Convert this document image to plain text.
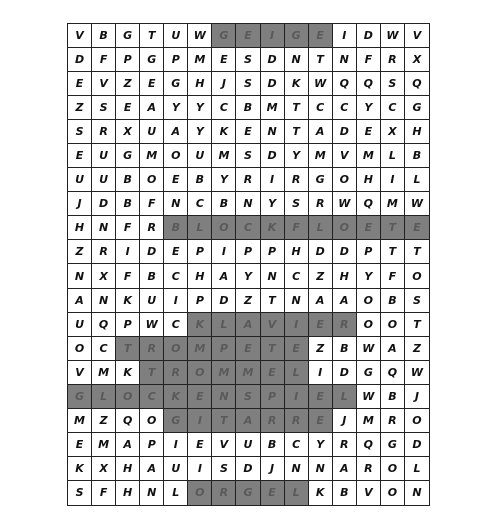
V	B	G	T	U	W	G	E	I	G	E	I	D	W	V
D	F	P	G	P	M	E	S	D	N	T	N	F	R	X
E	V	Z	E	G	H	J	S	D	K	W	Q	Q	S	Q
Z	S	E	A	Y	Y	C	B	M	T	C	C	Y	C	G
S	R	X	U	A	Y	K	E	N	T	A	D	E	X	H
E	U	G	M	O	U	M	S	D	Y	M	V	M	L	B
U	U	B	O	E	B	Y	R	I	R	G	O	H	I	L
J	D	B	F	N	C	B	N	Y	S	R	W	Q	M	W
H	N	F	R	B	L	O	C	K	F	L	O	E	T	E
Z	R	I	D	E	P	I	P	P	H	D	D	P	T	T
N	X	F	B	C	H	A	Y	N	C	Z	H	Y	F	O
A	N	K	U	I	P	D	Z	T	N	A	A	O	B	S
U	Q	P	W	C	K	L	A	V	I	E	R	O	O	T
O	C	T	R	O	M	P	E	T	E	Z	B	W	A	Z
V	M	K	T	R	O	M	M	E	L	I	D	G	Q	W
G	L	O	C	K	E	N	S	P	I	E	L	W	B	J
M	Z	Q	O	G	I	T	A	R	R	E	J	M	R	O
E	M	A	P	I	E	V	U	B	C	Y	R	Q	G	D
K	X	H	A	U	I	S	D	J	N	N	A	R	O	L
S	F	H	N	L	O	R	G	E	L	K	B	V	O	N
